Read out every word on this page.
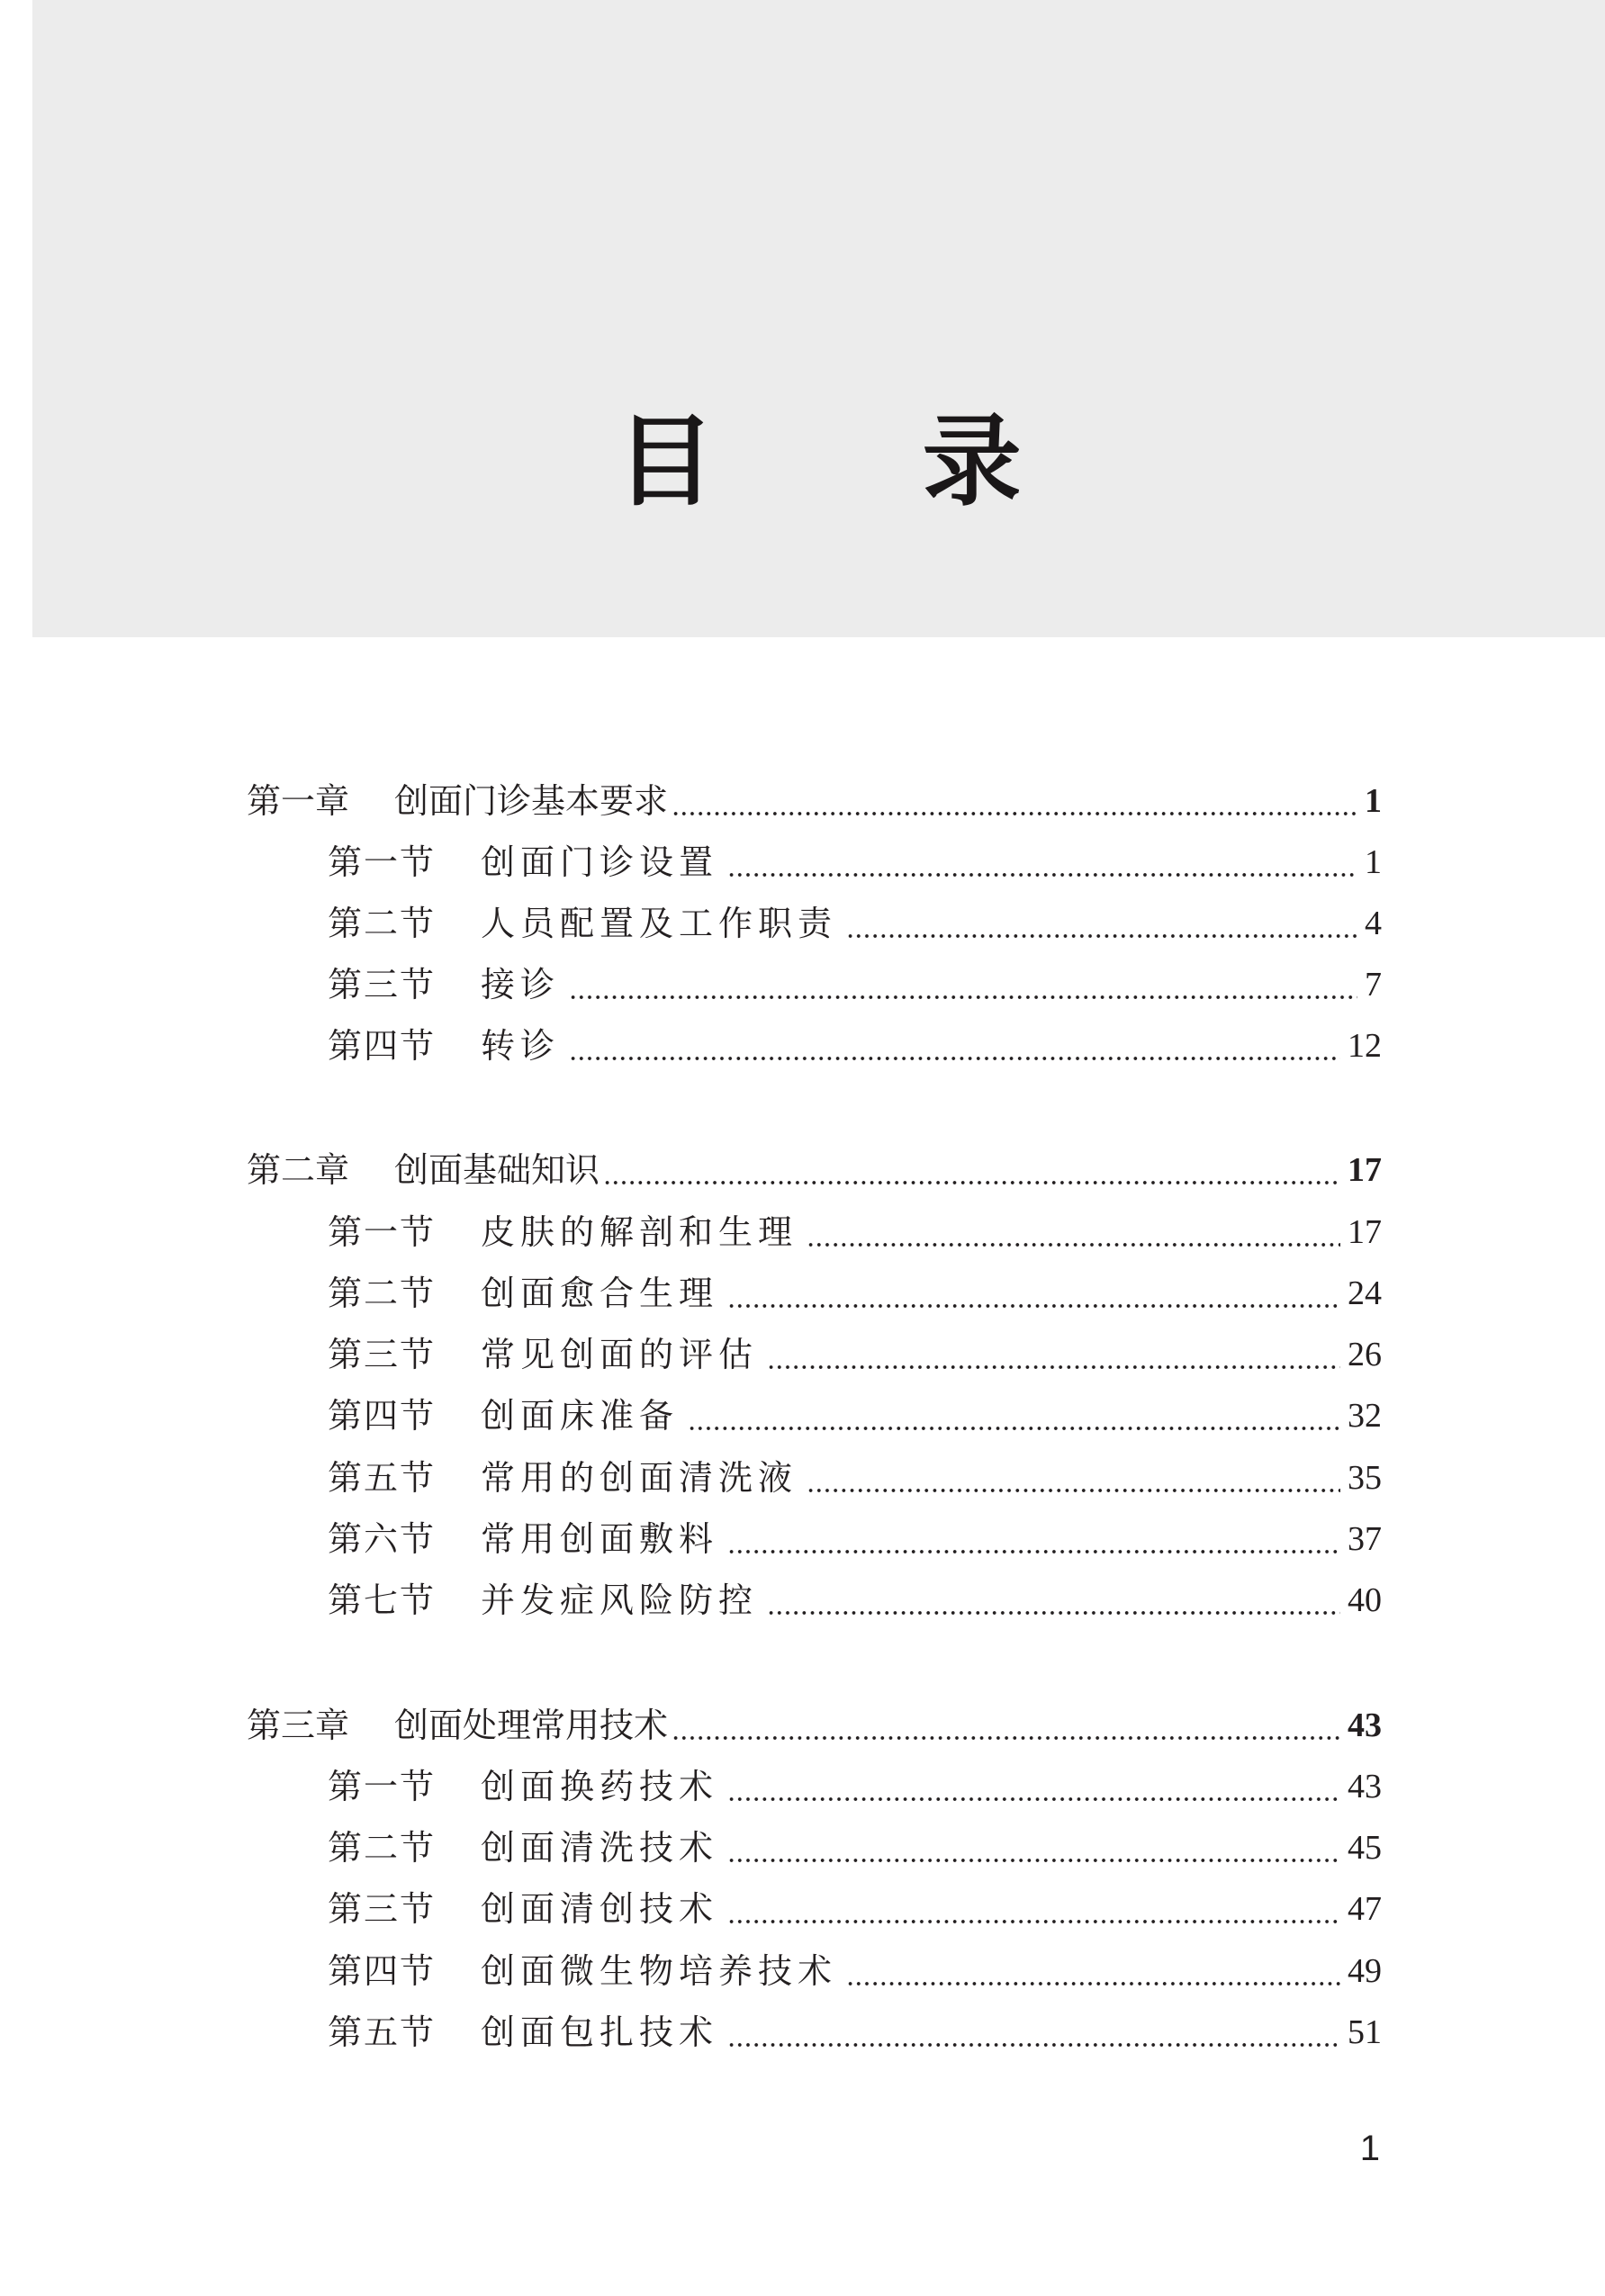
目 录
第一章 创面门诊基本要求	1
第一节 创面门诊设置	1
第二节 人员配置及工作职责	4
第三节 接诊	7
第四节 转诊	12
第二章 创面基础知识	17
第一节 皮肤的解剖和生理	17
第二节 创面愈合生理	24
第三节 常见创面的评估	26
第四节 创面床准备	32
第五节 常用的创面清洗液	35
第六节 常用创面敷料	37
第七节 并发症风险防控	40
第三章 创面处理常用技术	43
第一节 创面换药技术	43
第二节 创面清洗技术	45
第三节 创面清创技术	47
第四节 创面微生物培养技术	49
第五节 创面包扎技术	51
1
